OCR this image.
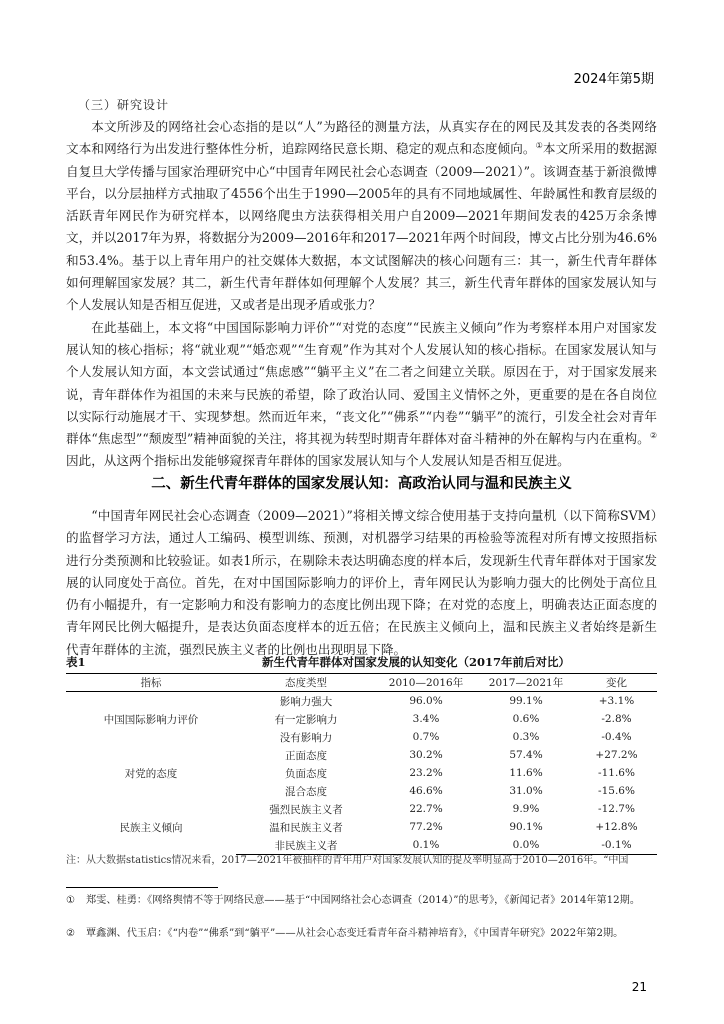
2024年第5期
（三）研究设计

本文所涉及的网络社会心态指的是以“人”为路径的测量方法，从真实存在的网民及其发表的各类网络文本和网络行为出发进行整体性分析，追踪网络民意长期、稳定的观点和态度倾向。①本文所采用的数据源自复旦大学传播与国家治理研究中心“中国青年网民社会心态调查（2009—2021）”。该调查基于新浪微博平台，以分层抽样方式抽取了4556个出生于1990—2005年的具有不同地域属性、年龄属性和教育层级的活跃青年网民作为研究样本，以网络爬虫方法获得相关用户自2009—2021年期间发表的425万余条博文，并以2017年为界，将数据分为2009—2016年和2017—2021年两个时间段，博文占比分别为46.6%和53.4%。基于以上青年用户的社交媒体大数据，本文试图解决的核心问题有三：其一，新生代青年群体如何理解国家发展？其二，新生代青年群体如何理解个人发展？其三，新生代青年群体的国家发展认知与个人发展认知是否相互促进，又或者是出现矛盾或张力？

在此基础上，本文将“中国国际影响力评价”“对党的态度”“民族主义倾向”作为考察样本用户对国家发展认知的核心指标；将“就业观”“婚恋观”“生育观”作为其对个人发展认知的核心指标。在国家发展认知与个人发展认知方面，本文尝试通过“焦虑感”“躺平主义”在二者之间建立关联。原因在于，对于国家发展来说，青年群体作为祖国的未来与民族的希望，除了政治认同、爱国主义情怀之外，更重要的是在各自岗位以实际行动施展才干、实现梦想。然而近年来，“丧文化”“佛系”“内卷”“躺平”的流行，引发全社会对青年群体“焦虑型”“颓废型”精神面貌的关注，将其视为转型时期青年群体对奋斗精神的外在解构与内在重构。②因此，从这两个指标出发能够窥探青年群体的国家发展认知与个人发展认知是否相互促进。

二、新生代青年群体的国家发展认知：高政治认同与温和民族主义

“中国青年网民社会心态调查（2009—2021）”将相关博文综合使用基于支持向量机（以下简称SVM）的监督学习方法，通过人工编码、模型训练、预测，对机器学习结果的再检验等流程对所有博文按照指标进行分类预测和比较验证。如表1所示，在剔除未表达明确态度的样本后，发现新生代青年群体对于国家发展的认同度处于高位。首先，在对中国国际影响力的评价上，青年网民认为影响力强大的比例处于高位且仍有小幅提升，有一定影响力和没有影响力的态度比例出现下降；在对党的态度上，明确表达正面态度的青年网民比例大幅提升，是表达负面态度样本的近五倍；在民族主义倾向上，温和民族主义者始终是新生代青年群体的主流，强烈民族主义者的比例也出现明显下降。

表1	新生代青年群体对国家发展的认知变化（2017年前后对比）
指标	态度类型	2010—2016年	2017—2021年	变化
中国国际影响力评价	影响力强大	96.0%	99.1%	+3.1%
	有一定影响力	3.4%	0.6%	-2.8%
	没有影响力	0.7%	0.3%	-0.4%
对党的态度	正面态度	30.2%	57.4%	+27.2%
	负面态度	23.2%	11.6%	-11.6%
	混合态度	46.6%	31.0%	-15.6%
民族主义倾向	强烈民族主义者	22.7%	9.9%	-12.7%
	温和民族主义者	77.2%	90.1%	+12.8%
	非民族主义者	0.1%	0.0%	-0.1%
注：从大数据statistics情况来看，2017—2021年被抽样的青年用户对国家发展认知的提及率明显高于2010—2016年。“中国
① 郑雯、桂勇：《网络舆情不等于网络民意——基于“中国网络社会心态调查（2014）”的思考》，《新闻记者》2014年第12期。
② 覃鑫渊、代玉启：《“内卷”“佛系”到“躺平”——从社会心态变迁看青年奋斗精神培育》，《中国青年研究》2022年第2期。
21
